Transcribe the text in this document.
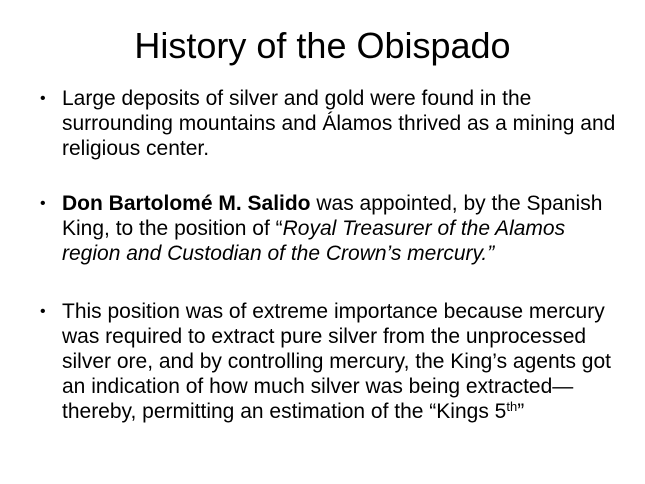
History of the Obispado
• Large deposits of silver and gold were found in the surrounding mountains and Álamos thrived as a mining and religious center.
• Don Bartolomé M. Salido was appointed, by the Spanish King, to the position of “Royal Treasurer of the Alamos region and Custodian of the Crown’s mercury.”
• This position was of extreme importance because mercury was required to extract pure silver from the unprocessed silver ore, and by controlling mercury, the King’s agents got an indication of how much silver was being extracted—thereby, permitting an estimation of the “Kings 5th”
